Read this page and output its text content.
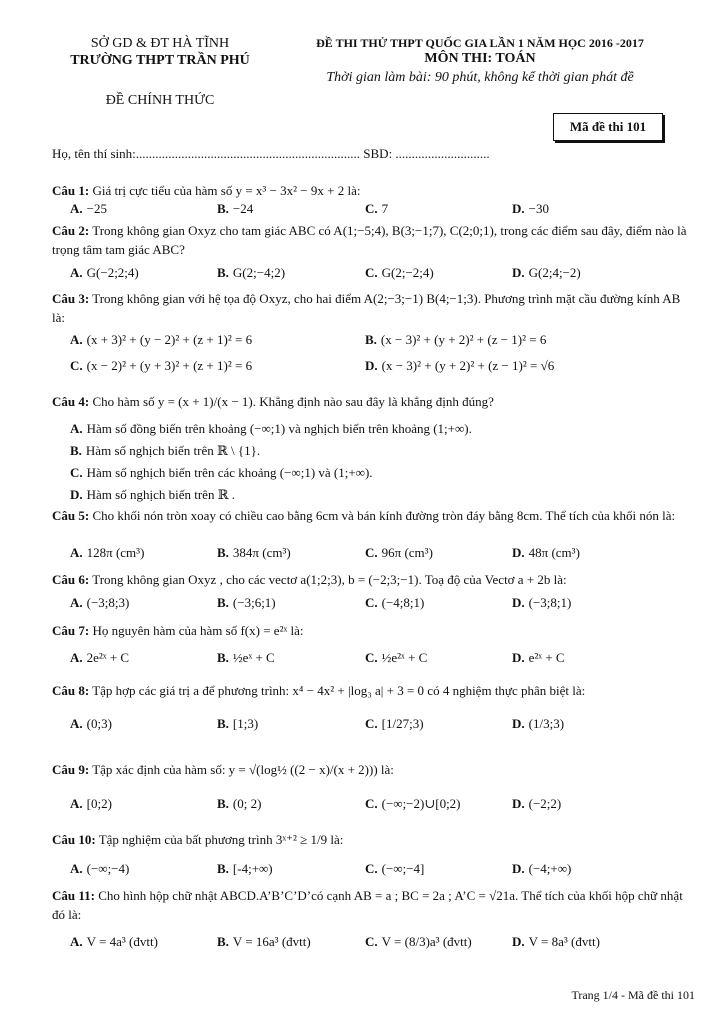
SỞ GD & ĐT HÀ TĨNH
TRƯỜNG THPT TRẦN PHÚ
ĐỀ CHÍNH THỨC
ĐỀ THI THỬ THPT QUỐC GIA LẦN 1 NĂM HỌC 2016 -2017
MÔN THI: TOÁN
Thời gian làm bài: 90 phút, không kể thời gian phát đề
Mã đề thi 101
Họ, tên thí sinh:..................................................................... SBD: .............................
Câu 1: Giá trị cực tiểu của hàm số y = x³ − 3x² − 9x + 2 là:
A. −25	B. −24	C. 7	D. −30
Câu 2: Trong không gian Oxyz cho tam giác ABC có A(1;−5;4), B(3;−1;7), C(2;0;1), trong các điểm sau đây, điểm nào là trọng tâm tam giác ABC?
A. G(−2;2;4)	B. G(2;−4;2)	C. G(2;−2;4)	D. G(2;4;−2)
Câu 3: Trong không gian với hệ tọa độ Oxyz, cho hai điểm A(2;−3;−1) B(4;−1;3). Phương trình mặt cầu đường kính AB là:
A. (x + 3)² + (y − 2)² + (z + 1)² = 6	B. (x − 3)² + (y + 2)² + (z − 1)² = 6
C. (x − 2)² + (y + 3)² + (z + 1)² = 6	D. (x − 3)² + (y + 2)² + (z − 1)² = √6
Câu 4: Cho hàm số y = (x + 1)/(x − 1). Khẳng định nào sau đây là khẳng định đúng?
A. Hàm số đồng biến trên khoảng (−∞;1) và nghịch biến trên khoảng (1;+∞).
B. Hàm số nghịch biến trên ℝ \ {1}.
C. Hàm số nghịch biến trên các khoảng (−∞;1) và (1;+∞).
D. Hàm số nghịch biến trên ℝ .
Câu 5: Cho khối nón tròn xoay có chiều cao bằng 6cm và bán kính đường tròn đáy bằng 8cm. Thể tích của khối nón là:
A. 128π (cm³)	B. 384π (cm³)	C. 96π (cm³)	D. 48π (cm³)
Câu 6: Trong không gian Oxyz , cho các vectơ a(1;2;3), b = (−2;3;−1). Toạ độ của Vectơ a + 2b là:
A. (−3;8;3)	B. (−3;6;1)	C. (−4;8;1)	D. (−3;8;1)
Câu 7: Họ nguyên hàm của hàm số f(x) = e²ˣ là:
A. 2e²ˣ + C	B. ½eˣ + C	C. ½e²ˣ + C	D. e²ˣ + C
Câu 8: Tập hợp các giá trị a để phương trình: x⁴ − 4x² + |log₃ a| + 3 = 0 có 4 nghiệm thực phân biệt là:
A. (0;3)	B. [1;3)	C. [1/27;3)	D. (1/3;3)
Câu 9: Tập xác định của hàm số: y = √(log½ ((2 − x)/(x + 2))) là:
A. [0;2)	B. (0; 2)	C. (−∞;−2)∪[0;2)	D. (−2;2)
Câu 10: Tập nghiệm của bất phương trình 3ˣ⁺² ≥ 1/9 là:
A. (−∞;−4)	B. [-4;+∞)	C. (−∞;−4]	D. (−4;+∞)
Câu 11: Cho hình hộp chữ nhật ABCD.A’B’C’D’có cạnh AB = a ; BC = 2a ; A’C = √21a. Thể tích của khối hộp chữ nhật đó là:
A. V = 4a³ (đvtt)	B. V = 16a³ (đvtt)	C. V = (8/3)a³ (đvtt)	D. V = 8a³ (đvtt)
Trang 1/4 - Mã đề thi 101
